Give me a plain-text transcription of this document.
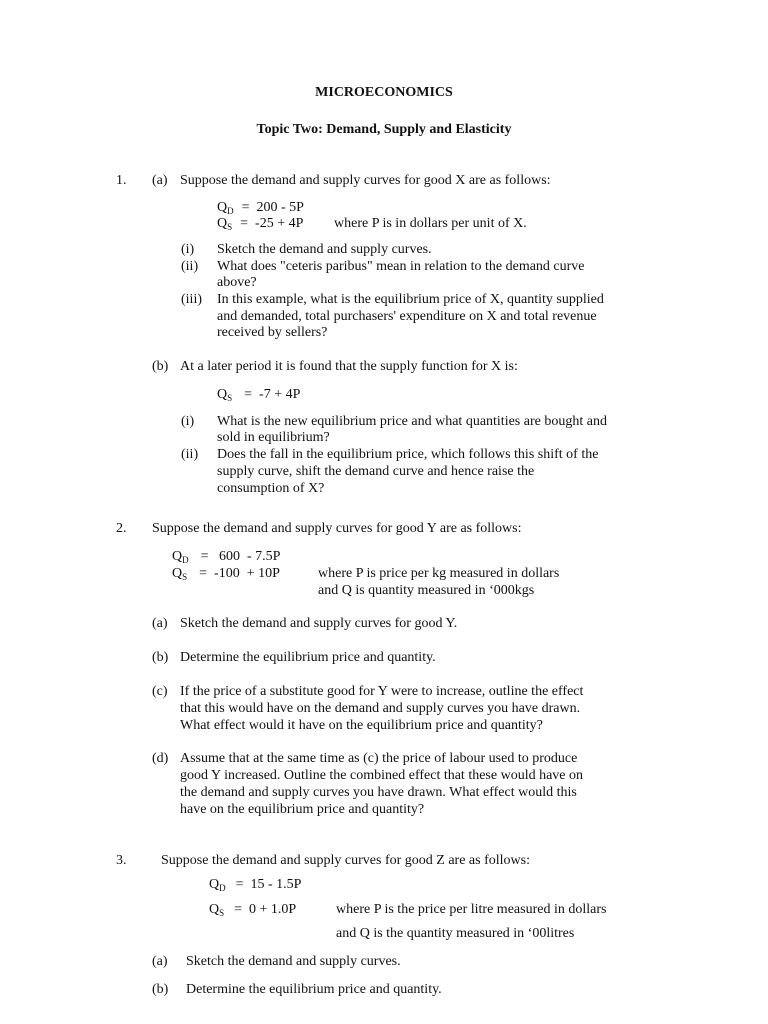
MICROECONOMICS
Topic Two: Demand, Supply and Elasticity
1. (a) Suppose the demand and supply curves for good X are as follows:
$Q_D = 200 - 5P$
$Q_S = -25 + 4P$ where P is in dollars per unit of X.
(i) Sketch the demand and supply curves.
(ii) What does "ceteris paribus" mean in relation to the demand curve
above?
(iii) In this example, what is the equilibrium price of X, quantity supplied
and demanded, total purchasers' expenditure on X and total revenue
received by sellers?
(b) At a later period it is found that the supply function for X is:
$Q_S = -7 + 4P$
(i) What is the new equilibrium price and what quantities are bought and
sold in equilibrium?
(ii) Does the fall in the equilibrium price, which follows this shift of the
supply curve, shift the demand curve and hence raise the
consumption of X?
2. Suppose the demand and supply curves for good Y are as follows:
$Q_D = 600 - 7.5P$
$Q_S = -100 + 10P$	where P is price per kg measured in dollars
and Q is quantity measured in ‘000kgs
(a) Sketch the demand and supply curves for good Y.
(b) Determine the equilibrium price and quantity.
(c) If the price of a substitute good for Y were to increase, outline the effect
that this would have on the demand and supply curves you have drawn.
What effect would it have on the equilibrium price and quantity?
(d) Assume that at the same time as (c) the price of labour used to produce
good Y increased. Outline the combined effect that these would have on
the demand and supply curves you have drawn. What effect would this
have on the equilibrium price and quantity?
3. Suppose the demand and supply curves for good Z are as follows:
$Q_D = 15 - 1.5P$
$Q_S = 0 + 1.0P$	where P is the price per litre measured in dollars
and Q is the quantity measured in ‘00litres
(a) Sketch the demand and supply curves.
(b) Determine the equilibrium price and quantity.
